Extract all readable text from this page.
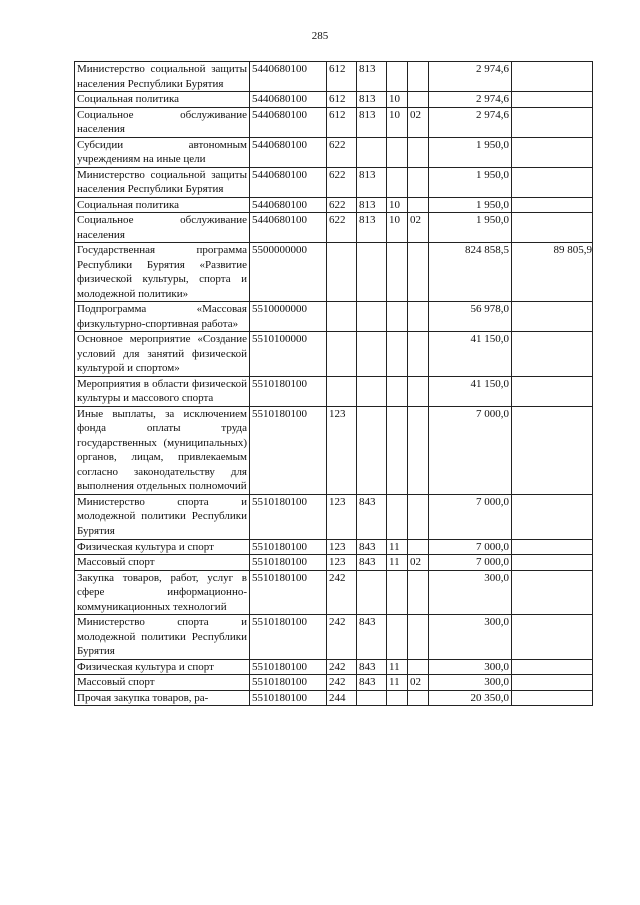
285
Министерство социальной защиты населения Республики Бурятия	5440680100	612	813			2 974,6	
Социальная политика	5440680100	612	813	10		2 974,6	
Социальное обслуживание населения	5440680100	612	813	10	02	2 974,6	
Субсидии автономным учреждениям на иные цели	5440680100	622				1 950,0	
Министерство социальной защиты населения Республики Бурятия	5440680100	622	813			1 950,0	
Социальная политика	5440680100	622	813	10		1 950,0	
Социальное обслуживание населения	5440680100	622	813	10	02	1 950,0	
Государственная программа Республики Бурятия «Развитие физической культуры, спорта и молодежной политики»	5500000000					824 858,5	89 805,9
Подпрограмма «Массовая физкультурно-спортивная работа»	5510000000					56 978,0	
Основное мероприятие «Создание условий для занятий физической культурой и спортом»	5510100000					41 150,0	
Мероприятия в области физической культуры и массового спорта	5510180100					41 150,0	
Иные выплаты, за исключением фонда оплаты труда государственных (муниципальных) органов, лицам, привлекаемым согласно законодательству для выполнения отдельных полномочий	5510180100	123				7 000,0	
Министерство спорта и молодежной политики Республики Бурятия	5510180100	123	843			7 000,0	
Физическая культура и спорт	5510180100	123	843	11		7 000,0	
Массовый спорт	5510180100	123	843	11	02	7 000,0	
Закупка товаров, работ, услуг в сфере информационно-коммуникационных технологий	5510180100	242				300,0	
Министерство спорта и молодежной политики Республики Бурятия	5510180100	242	843			300,0	
Физическая культура и спорт	5510180100	242	843	11		300,0	
Массовый спорт	5510180100	242	843	11	02	300,0	
Прочая закупка товаров, ра-	5510180100	244				20 350,0	
